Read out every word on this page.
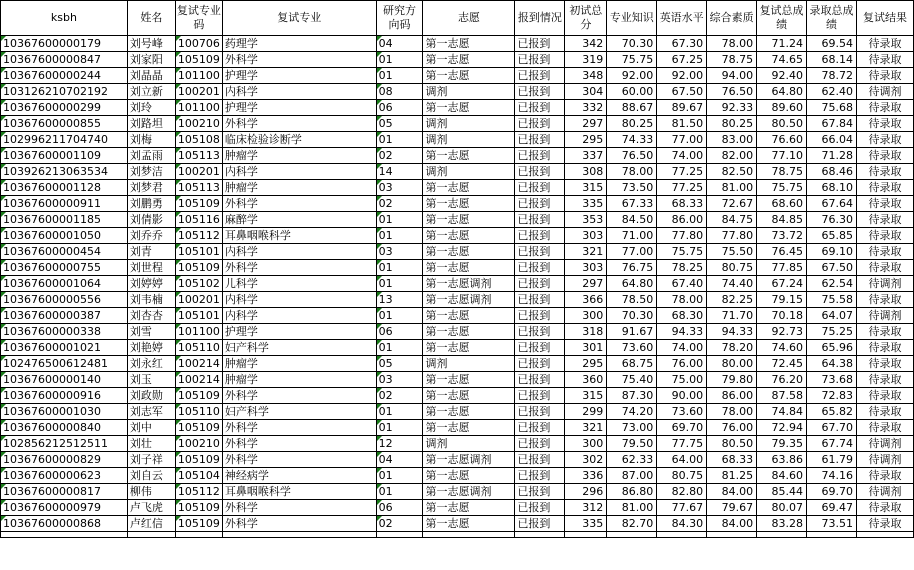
ksbh	姓名	复试专业码	复试专业	研究方向码	志愿	报到情况	初试总分	专业知识	英语水平	综合素质	复试总成绩	录取总成绩	复试结果
10367600000179	刘号峰	100706	药理学	04	第一志愿	已报到	342	70.30	67.30	78.00	71.24	69.54	待录取
10367600000847	刘家阳	105109	外科学	01	第一志愿	已报到	319	75.75	67.25	78.75	74.65	68.14	待录取
10367600000244	刘晶晶	101100	护理学	01	第一志愿	已报到	348	92.00	92.00	94.00	92.40	78.72	待录取
103126210702192	刘立新	100201	内科学	08	调剂	已报到	304	60.00	67.50	76.50	64.80	62.40	待调剂
10367600000299	刘玲	101100	护理学	06	第一志愿	已报到	332	88.67	89.67	92.33	89.60	75.68	待录取
10367600000855	刘路坦	100210	外科学	05	调剂	已报到	297	80.25	81.50	80.25	80.50	67.84	待录取
102996211704740	刘梅	105108	临床检验诊断学	01	调剂	已报到	295	74.33	77.00	83.00	76.60	66.04	待录取
10367600001109	刘孟雨	105113	肿瘤学	02	第一志愿	已报到	337	76.50	74.00	82.00	77.10	71.28	待录取
103926213063534	刘梦洁	100201	内科学	14	调剂	已报到	308	78.00	77.25	82.50	78.75	68.46	待录取
10367600001128	刘梦君	105113	肿瘤学	03	第一志愿	已报到	315	73.50	77.25	81.00	75.75	68.10	待录取
10367600000911	刘鹏勇	105109	外科学	02	第一志愿	已报到	335	67.33	68.33	72.67	68.60	67.64	待录取
10367600001185	刘倩影	105116	麻醉学	01	第一志愿	已报到	353	84.50	86.00	84.75	84.85	76.30	待录取
10367600001050	刘乔乔	105112	耳鼻咽喉科学	01	第一志愿	已报到	303	71.00	77.80	77.80	73.72	65.85	待录取
10367600000454	刘青	105101	内科学	03	第一志愿	已报到	321	77.00	75.75	75.50	76.45	69.10	待录取
10367600000755	刘世程	105109	外科学	01	第一志愿	已报到	303	76.75	78.25	80.75	77.85	67.50	待录取
10367600001064	刘婷婷	105102	儿科学	01	第一志愿调剂	已报到	297	64.80	67.40	74.40	67.24	62.54	待调剂
10367600000556	刘韦楠	100201	内科学	13	第一志愿调剂	已报到	366	78.50	78.00	82.25	79.15	75.58	待录取
10367600000387	刘杏杏	105101	内科学	01	第一志愿	已报到	300	70.30	68.30	71.70	70.18	64.07	待调剂
10367600000338	刘雪	101100	护理学	06	第一志愿	已报到	318	91.67	94.33	94.33	92.73	75.25	待录取
10367600001021	刘艳婷	105110	妇产科学	01	第一志愿	已报到	301	73.60	74.00	78.20	74.60	65.96	待录取
102476500612481	刘永红	100214	肿瘤学	05	调剂	已报到	295	68.75	76.00	80.00	72.45	64.38	待录取
10367600000140	刘玉	100214	肿瘤学	03	第一志愿	已报到	360	75.40	75.00	79.80	76.20	73.68	待录取
10367600000916	刘政勋	105109	外科学	02	第一志愿	已报到	315	87.30	90.00	86.00	87.58	72.83	待录取
10367600001030	刘志军	105110	妇产科学	01	第一志愿	已报到	299	74.20	73.60	78.00	74.84	65.82	待录取
10367600000840	刘中	105109	外科学	01	第一志愿	已报到	321	73.00	69.70	76.00	72.94	67.70	待录取
102856212512511	刘壮	100210	外科学	12	调剂	已报到	300	79.50	77.75	80.50	79.35	67.74	待调剂
10367600000829	刘子祥	105109	外科学	04	第一志愿调剂	已报到	302	62.33	64.00	68.33	63.86	61.79	待调剂
10367600000623	刘自云	105104	神经病学	01	第一志愿	已报到	336	87.00	80.75	81.25	84.60	74.16	待录取
10367600000817	柳伟	105112	耳鼻咽喉科学	01	第一志愿调剂	已报到	296	86.80	82.80	84.00	85.44	69.70	待调剂
10367600000979	卢飞虎	105109	外科学	06	第一志愿	已报到	312	81.00	77.67	79.67	80.07	69.47	待录取
10367600000868	卢红信	105109	外科学	02	第一志愿	已报到	335	82.70	84.30	84.00	83.28	73.51	待录取
